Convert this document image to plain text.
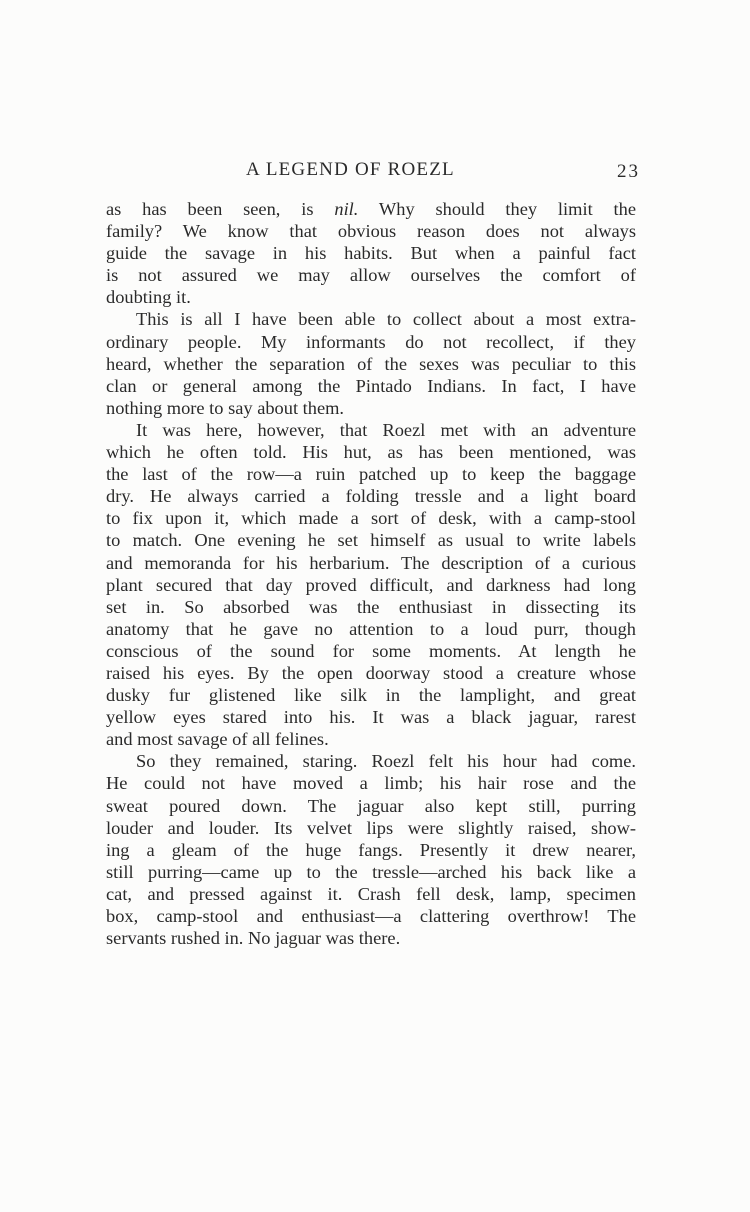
A LEGEND OF ROEZL	23

as has been seen, is nil. Why should they limit the
family? We know that obvious reason does not always
guide the savage in his habits. But when a painful fact
is not assured we may allow ourselves the comfort of
doubting it.

This is all I have been able to collect about a most extra-
ordinary people. My informants do not recollect, if they
heard, whether the separation of the sexes was peculiar to this
clan or general among the Pintado Indians. In fact, I have
nothing more to say about them.

It was here, however, that Roezl met with an adventure
which he often told. His hut, as has been mentioned, was
the last of the row—a ruin patched up to keep the baggage
dry. He always carried a folding tressle and a light board
to fix upon it, which made a sort of desk, with a camp-stool
to match. One evening he set himself as usual to write labels
and memoranda for his herbarium. The description of a curious
plant secured that day proved difficult, and darkness had long
set in. So absorbed was the enthusiast in dissecting its
anatomy that he gave no attention to a loud purr, though
conscious of the sound for some moments. At length he
raised his eyes. By the open doorway stood a creature whose
dusky fur glistened like silk in the lamplight, and great
yellow eyes stared into his. It was a black jaguar, rarest
and most savage of all felines.

So they remained, staring. Roezl felt his hour had come.
He could not have moved a limb; his hair rose and the
sweat poured down. The jaguar also kept still, purring
louder and louder. Its velvet lips were slightly raised, show-
ing a gleam of the huge fangs. Presently it drew nearer,
still purring—came up to the tressle—arched his back like a
cat, and pressed against it. Crash fell desk, lamp, specimen
box, camp-stool and enthusiast—a clattering overthrow! The
servants rushed in. No jaguar was there.
